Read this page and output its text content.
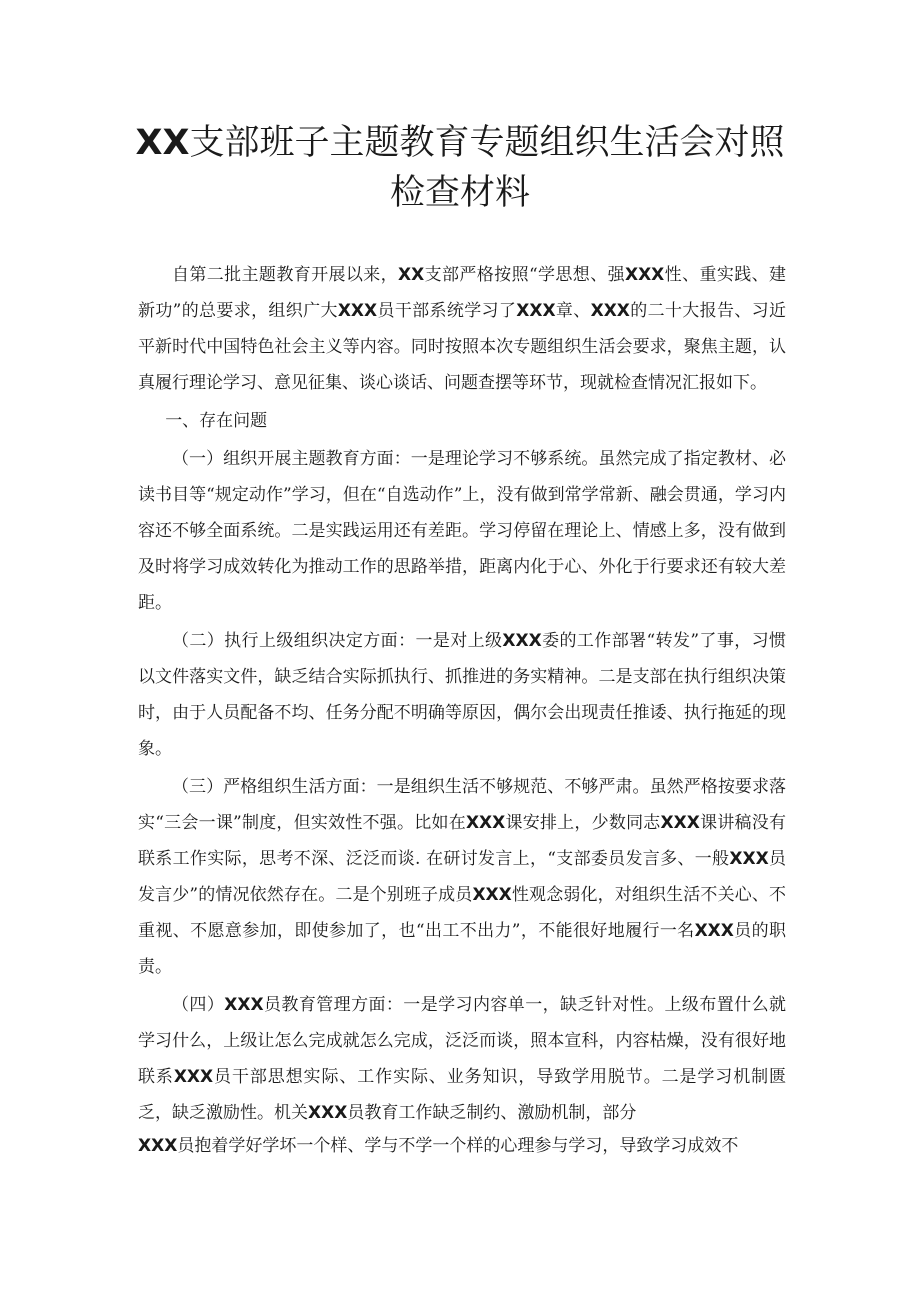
XX支部班子主题教育专题组织生活会对照检查材料

自第二批主题教育开展以来，XX支部严格按照“学思想、强XXX性、重实践、建新功”的总要求，组织广大XXX员干部系统学习了XXX章、XXX的二十大报告、习近平新时代中国特色社会主义等内容。同时按照本次专题组织生活会要求，聚焦主题，认真履行理论学习、意见征集、谈心谈话、问题查摆等环节，现就检查情况汇报如下。

一、存在问题

（一）组织开展主题教育方面：一是理论学习不够系统。虽然完成了指定教材、必读书目等“规定动作”学习，但在“自选动作”上，没有做到常学常新、融会贯通，学习内容还不够全面系统。二是实践运用还有差距。学习停留在理论上、情感上多，没有做到及时将学习成效转化为推动工作的思路举措，距离内化于心、外化于行要求还有较大差距。

（二）执行上级组织决定方面：一是对上级XXX委的工作部署“转发”了事，习惯以文件落实文件，缺乏结合实际抓执行、抓推进的务实精神。二是支部在执行组织决策时，由于人员配备不均、任务分配不明确等原因，偶尔会出现责任推诿、执行拖延的现象。

（三）严格组织生活方面：一是组织生活不够规范、不够严肃。虽然严格按要求落实“三会一课”制度，但实效性不强。比如在XXX课安排上，少数同志XXX课讲稿没有联系工作实际，思考不深、泛泛而谈. 在研讨发言上，“支部委员发言多、一般XXX员发言少”的情况依然存在。二是个别班子成员XXX性观念弱化，对组织生活不关心、不重视、不愿意参加，即使参加了，也“出工不出力”，不能很好地履行一名XXX员的职责。

（四）XXX员教育管理方面：一是学习内容单一，缺乏针对性。上级布置什么就学习什么，上级让怎么完成就怎么完成，泛泛而谈，照本宣科，内容枯燥，没有很好地联系XXX员干部思想实际、工作实际、业务知识，导致学用脱节。二是学习机制匮乏，缺乏激励性。机关XXX员教育工作缺乏制约、激励机制，部分

XXX员抱着学好学坏一个样、学与不学一个样的心理参与学习，导致学习成效不
